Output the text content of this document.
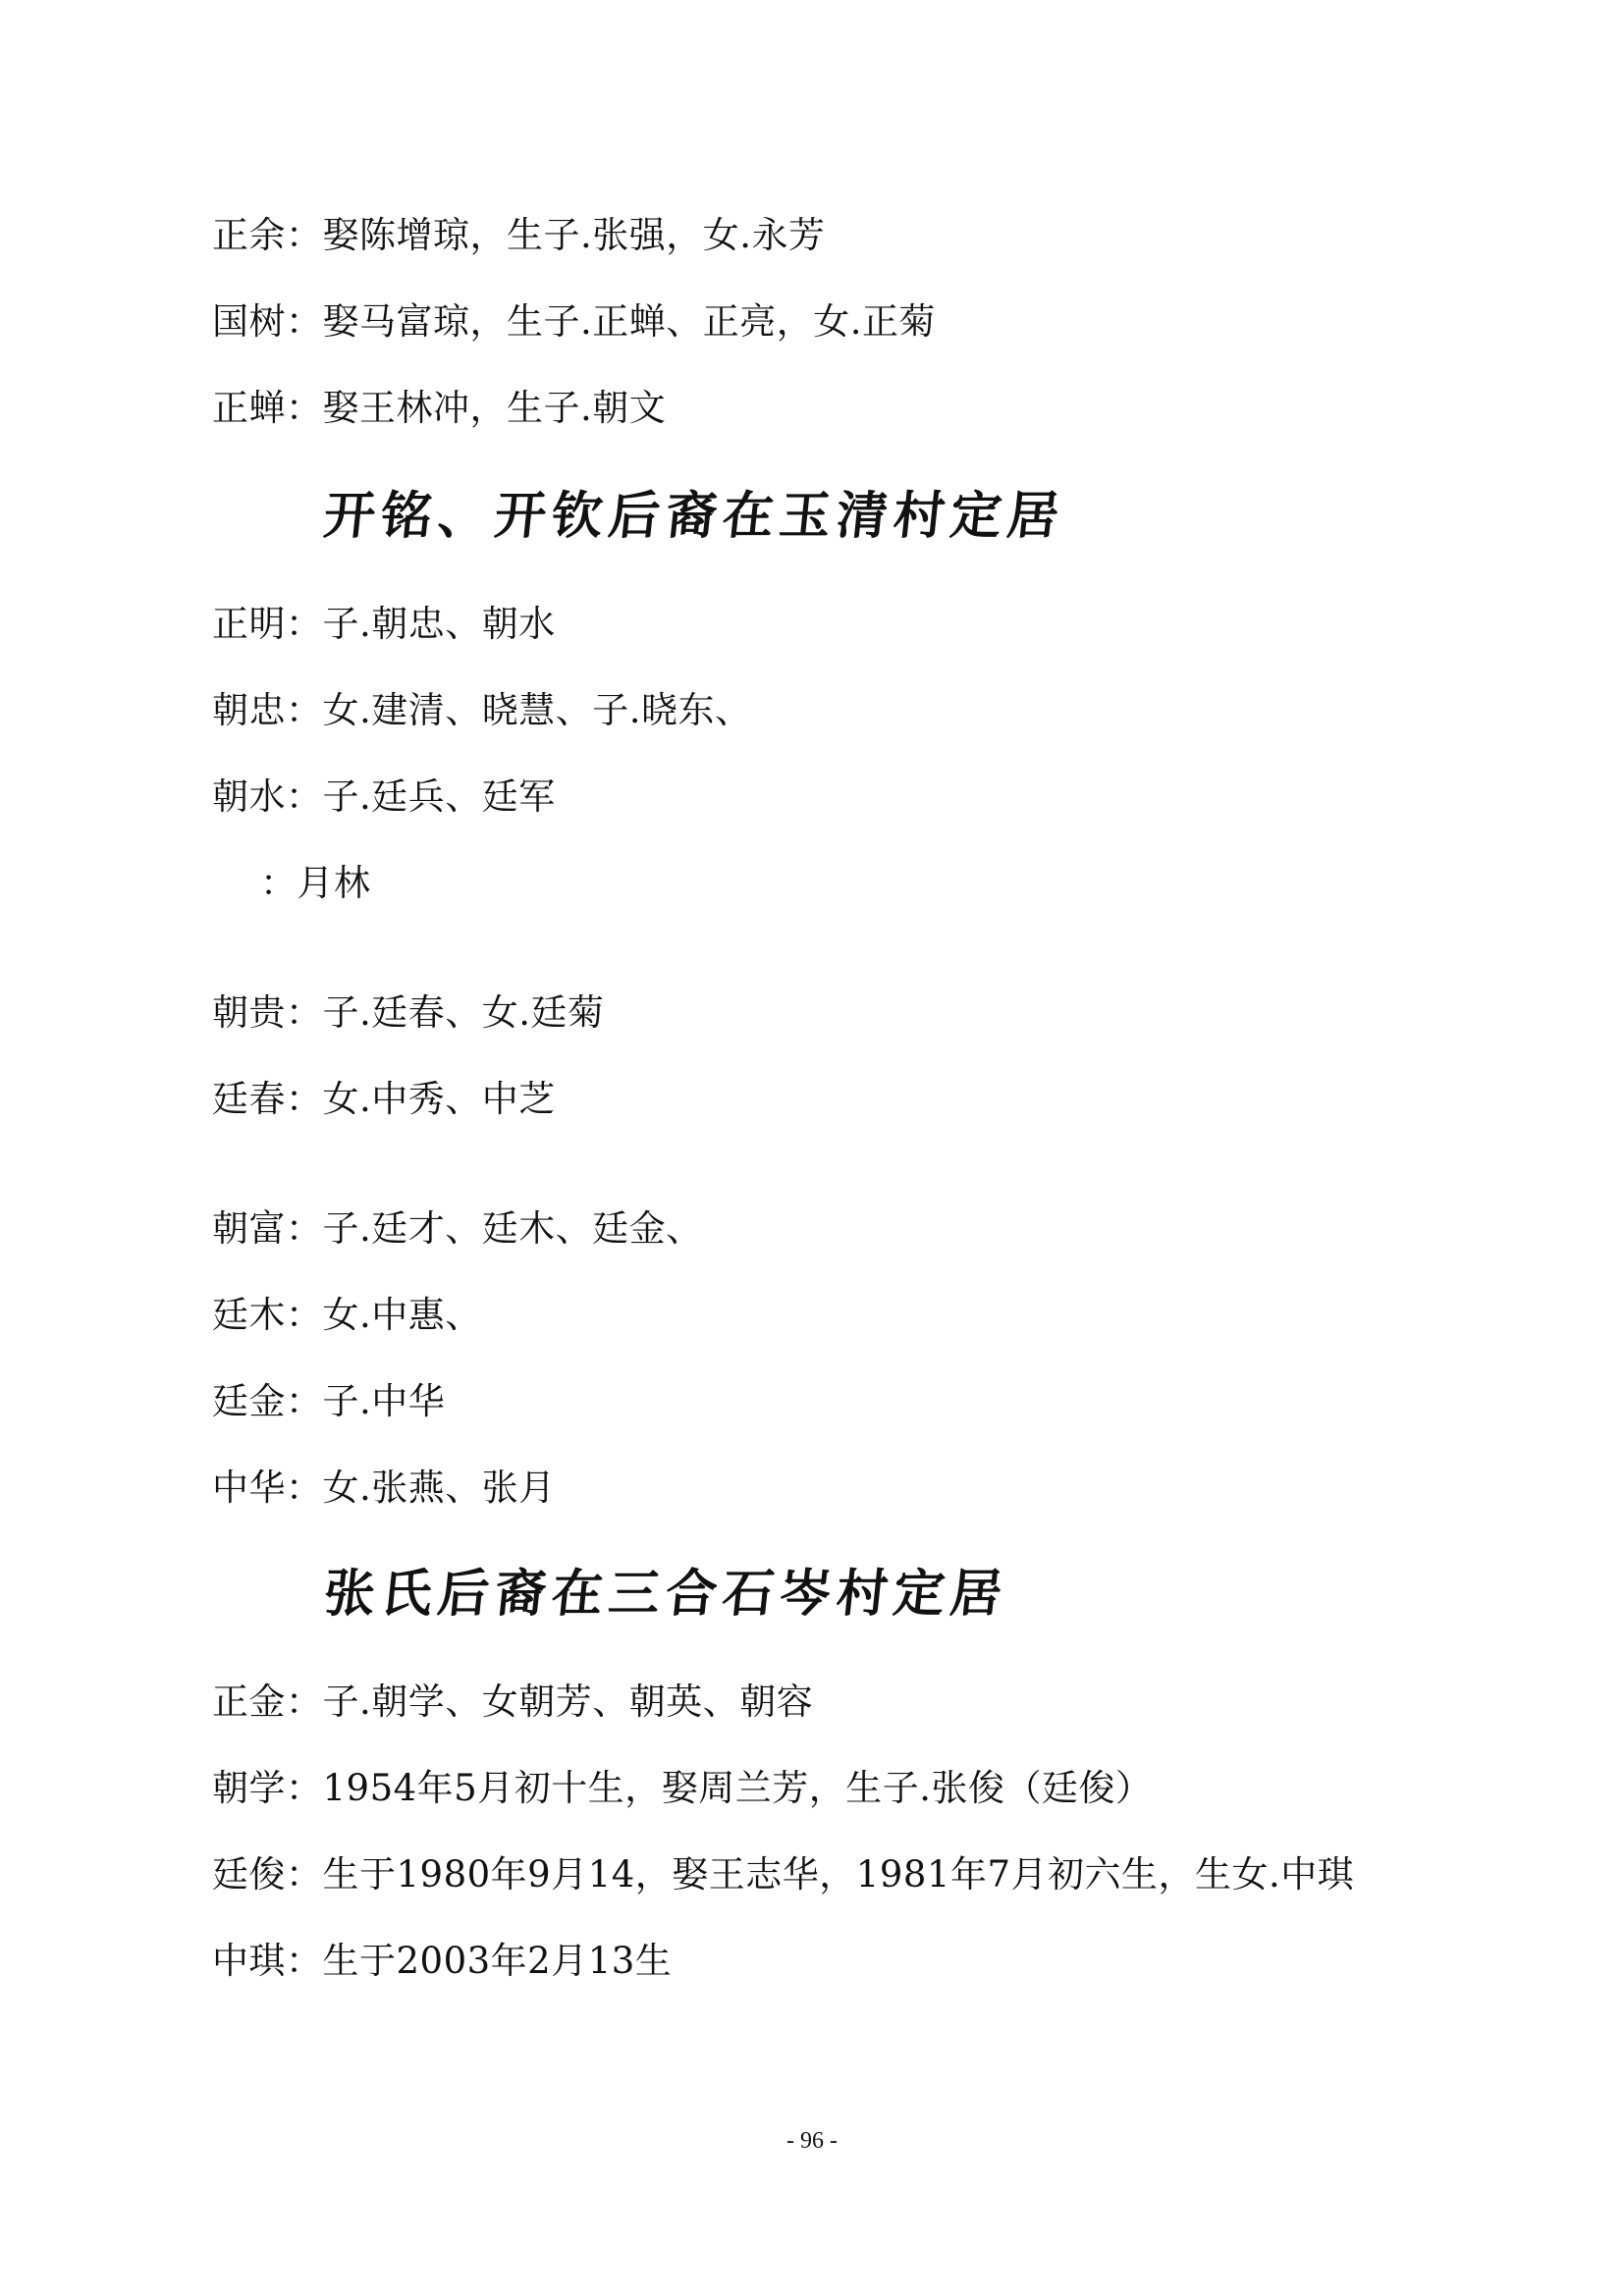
正余：娶陈增琼，生子.张强，女.永芳
国树：娶马富琼，生子.正蝉、正亮，女.正菊
正蝉：娶王林冲，生子.朝文
开铭、开钦后裔在玉清村定居
正明：子.朝忠、朝水
朝忠：女.建清、晓慧、子.晓东、
朝水：子.廷兵、廷军
：月林
朝贵：子.廷春、女.廷菊
廷春：女.中秀、中芝
朝富：子.廷才、廷木、廷金、
廷木：女.中惠、
廷金：子.中华
中华：女.张燕、张月
张氏后裔在三合石岑村定居
正金：子.朝学、女朝芳、朝英、朝容
朝学：1954年5月初十生，娶周兰芳，生子.张俊（廷俊）
廷俊：生于1980年9月14，娶王志华，1981年7月初六生，生女.中琪
中琪：生于2003年2月13生
- 96 -
